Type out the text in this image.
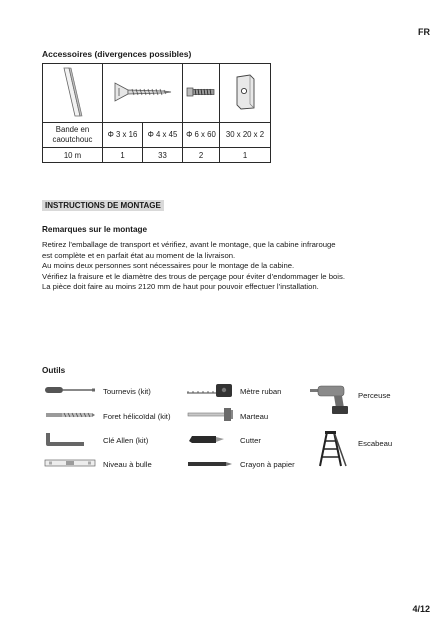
FR
Accessoires (divergences possibles)

Bande en caoutchouc	Φ 3 x 16	Φ 4 x 45	Φ 6 x 60	30 x 20 x 2
10 m	1	33	2	1
INSTRUCTIONS DE MONTAGE
Remarques sur le montage
Retirez l’emballage de transport et vérifiez, avant le montage, que la cabine infrarouge
est complète et en parfait état au moment de la livraison.
Au moins deux personnes sont nécessaires pour le montage de la cabine.
Vérifiez la fraisure et le diamètre des trous de perçage pour éviter d’endommager le bois.
La pièce doit faire au moins 2120 mm de haut pour pouvoir effectuer l’installation.
Outils
Tournevis (kit)
Foret hélicoïdal (kit)
Clé Allen (kit)
Niveau à bulle
Mètre ruban
Marteau
Cutter
Crayon à papier
Perceuse
Escabeau
4/12
